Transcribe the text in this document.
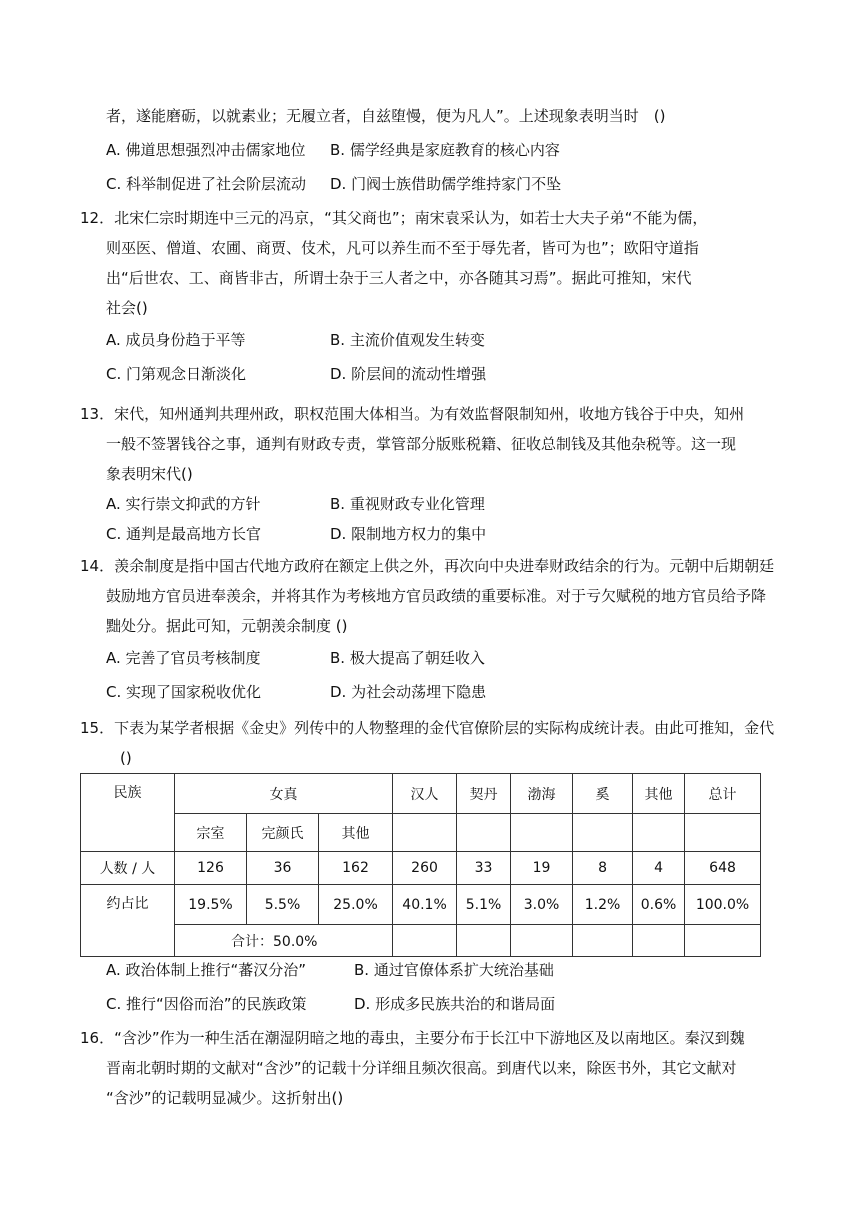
者，遂能磨砺，以就素业；无履立者，自兹堕慢，便为凡人”。上述现象表明当时　()
A. 佛道思想强烈冲击儒家地位 B. 儒学经典是家庭教育的核心内容
C. 科举制促进了社会阶层流动 D. 门阀士族借助儒学维持家门不坠
12．北宋仁宗时期连中三元的冯京，“其父商也”；南宋袁采认为，如若士大夫子弟“不能为儒，
则巫医、僧道、农圃、商贾、伎术，凡可以养生而不至于辱先者，皆可为也”；欧阳守道指
出“后世农、工、商皆非古，所谓士杂于三人者之中，亦各随其习焉”。据此可推知，宋代
社会()
A. 成员身份趋于平等	B. 主流价值观发生转变
C. 门第观念日渐淡化	D. 阶层间的流动性增强
13．宋代，知州通判共理州政，职权范围大体相当。为有效监督限制知州，收地方钱谷于中央，知州
一般不签署钱谷之事，通判有财政专责，掌管部分版账税籍、征收总制钱及其他杂税等。这一现
象表明宋代()
A. 实行崇文抑武的方针	B. 重视财政专业化管理
C. 通判是最高地方长官	D. 限制地方权力的集中
14．羡余制度是指中国古代地方政府在额定上供之外，再次向中央进奉财政结余的行为。元朝中后期朝廷
鼓励地方官员进奉羡余，并将其作为考核地方官员政绩的重要标准。对于亏欠赋税的地方官员给予降
黜处分。据此可知，元朝羡余制度 ()
A. 完善了官员考核制度	B. 极大提高了朝廷收入
C. 实现了国家税收优化	D. 为社会动荡埋下隐患
15．下表为某学者根据《金史》列传中的人物整理的金代官僚阶层的实际构成统计表。由此可推知，金代
()
民族	女真			汉人	契丹	渤海	奚	其他	总计
	宗室	完颜氏	其他						
人数 / 人	126	36	162	260	33	19	8	4	648
约占比	19.5%	5.5%	25.0%	40.1%	5.1%	3.0%	1.2%	0.6%	100.0%
	合计：50.0%								
A. 政治体制上推行“蕃汉分治”	B. 通过官僚体系扩大统治基础
C. 推行“因俗而治”的民族政策	D. 形成多民族共治的和谐局面
16．“含沙”作为一种生活在潮湿阴暗之地的毒虫，主要分布于长江中下游地区及以南地区。秦汉到魏
晋南北朝时期的文献对“含沙”的记载十分详细且频次很高。到唐代以来，除医书外，其它文献对
“含沙”的记载明显减少。这折射出()
